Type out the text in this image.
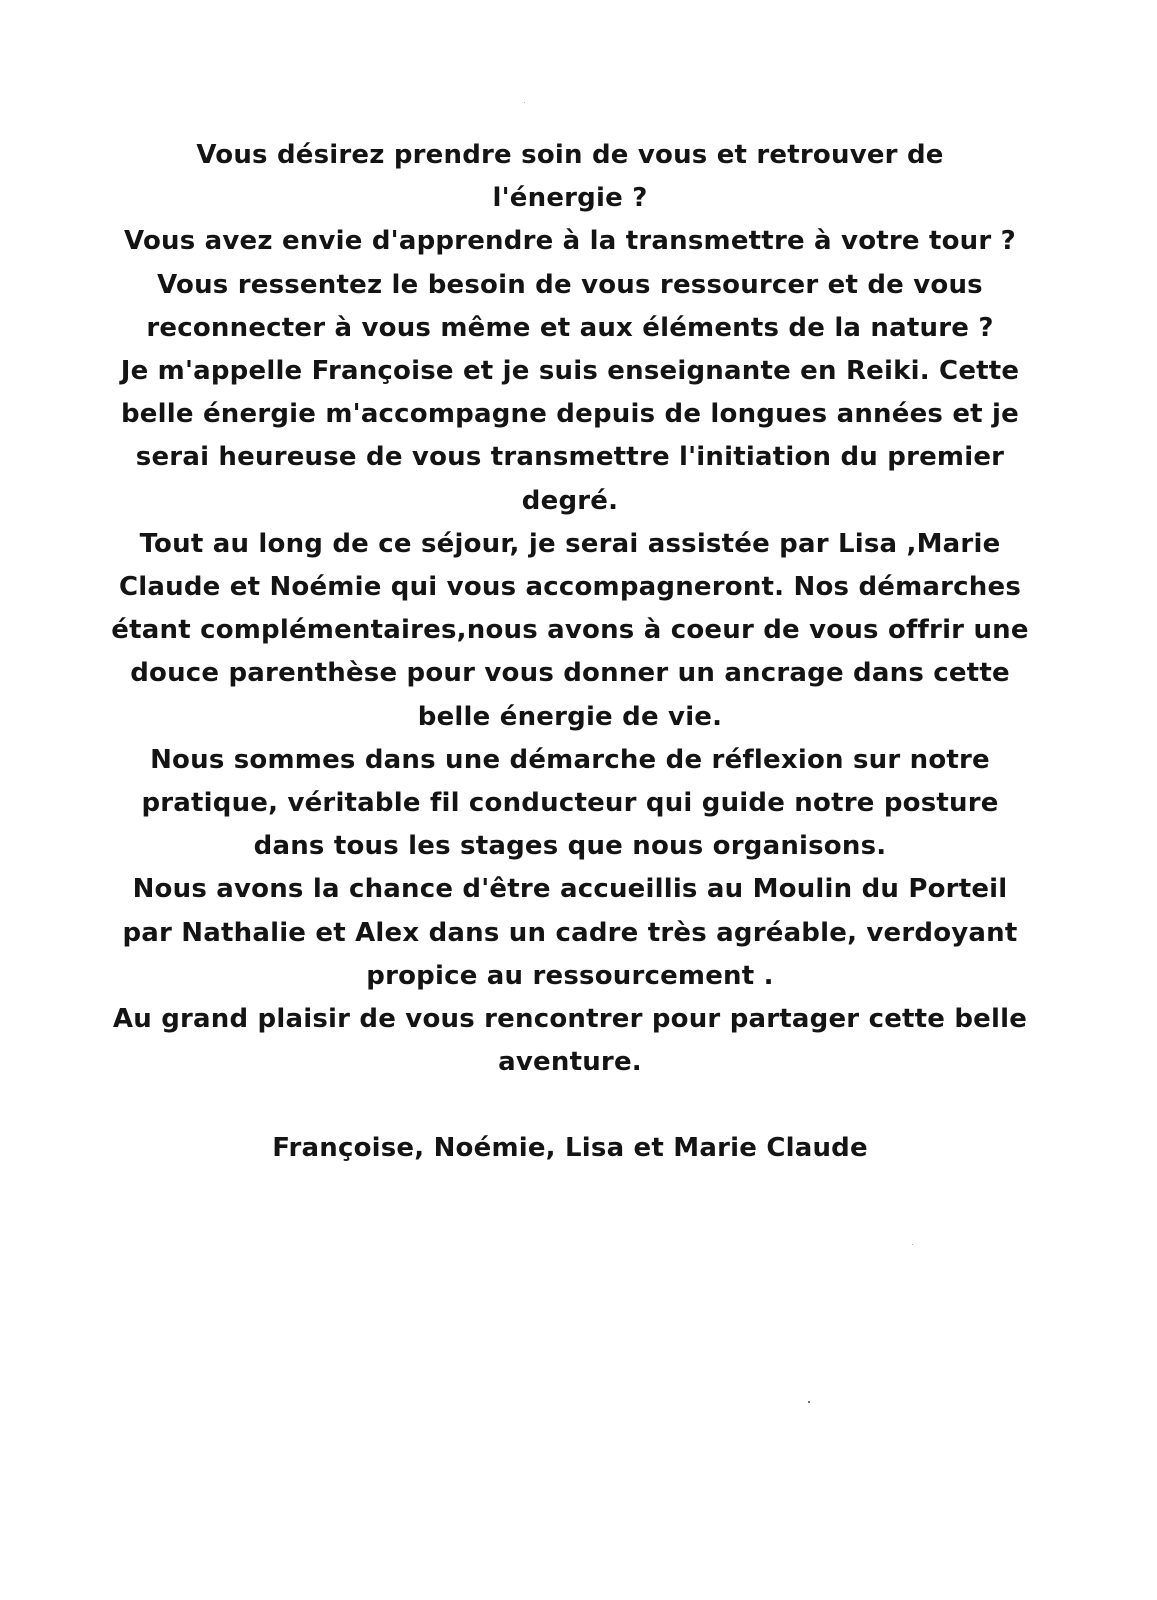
Vous désirez prendre soin de vous et retrouver de
l'énergie ?
Vous avez envie d'apprendre à la transmettre à votre tour ?
Vous ressentez le besoin de vous ressourcer et de vous
reconnecter à vous même et aux éléments de la nature ?
Je m'appelle Françoise et je suis enseignante en Reiki. Cette
belle énergie m'accompagne depuis de longues années et je
serai heureuse de vous transmettre l'initiation du premier
degré.
Tout au long de ce séjour, je serai assistée par Lisa ,Marie
Claude et Noémie qui vous accompagneront. Nos démarches
étant complémentaires,nous avons à coeur de vous offrir une
douce parenthèse pour vous donner un ancrage dans cette
belle énergie de vie.
Nous sommes dans une démarche de réflexion sur notre
pratique, véritable fil conducteur qui guide notre posture
dans tous les stages que nous organisons.
Nous avons la chance d'être accueillis au Moulin du Porteil
par Nathalie et Alex dans un cadre très agréable, verdoyant
propice au ressourcement .
Au grand plaisir de vous rencontrer pour partager cette belle
aventure.
Françoise, Noémie, Lisa et Marie Claude
